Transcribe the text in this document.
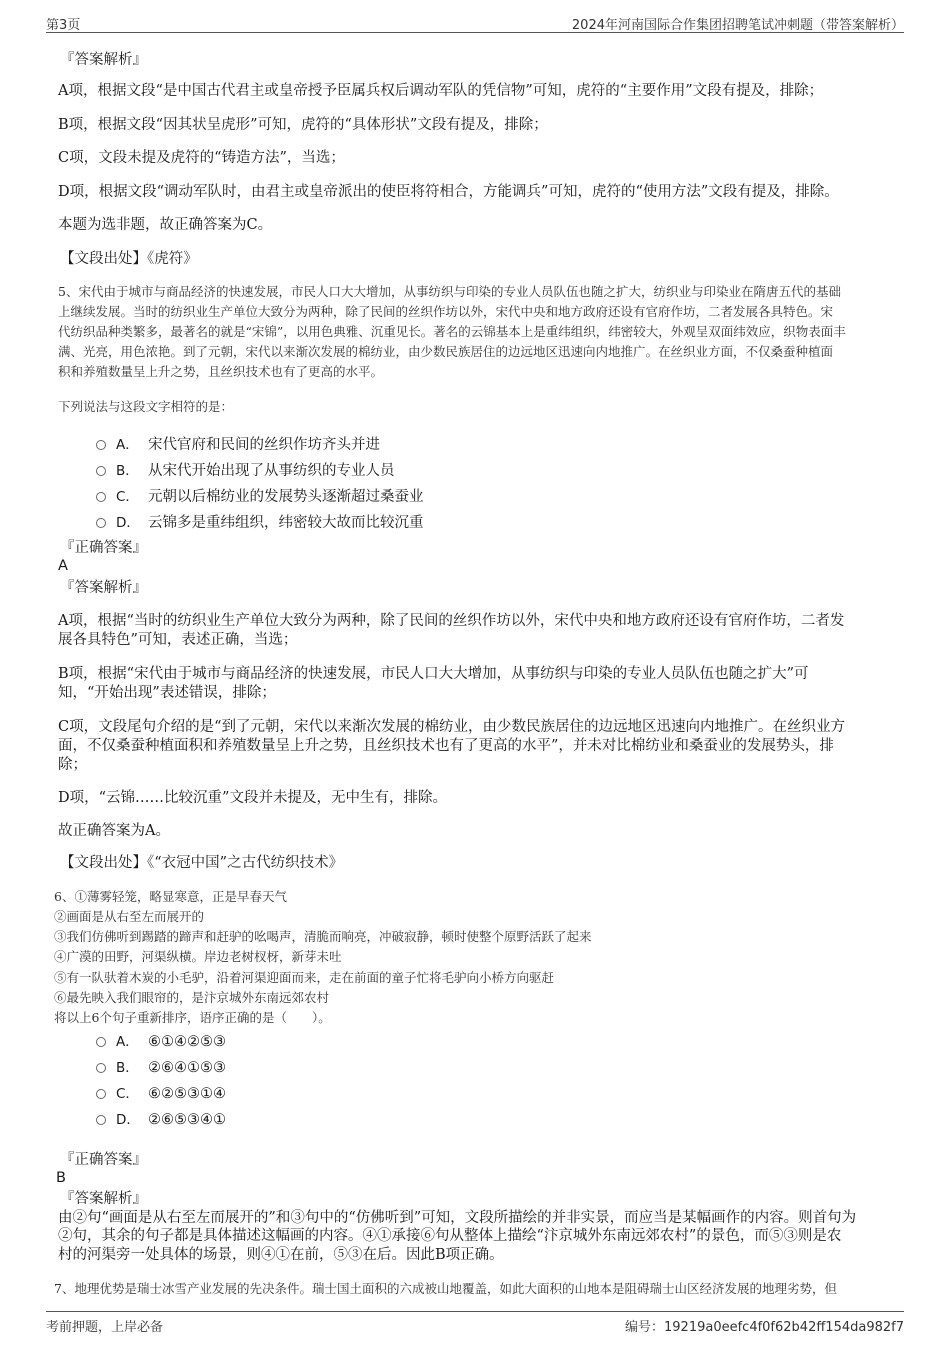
第3页	2024年河南国际合作集团招聘笔试冲刺题（带答案解析）
『答案解析』
A项，根据文段“是中国古代君主或皇帝授予臣属兵权后调动军队的凭信物”可知，虎符的“主要作用”文段有提及，排除；
B项，根据文段“因其状呈虎形”可知，虎符的“具体形状”文段有提及，排除；
C项，文段未提及虎符的“铸造方法”，当选；
D项，根据文段“调动军队时，由君主或皇帝派出的使臣将符相合，方能调兵”可知，虎符的“使用方法”文段有提及，排除。
本题为选非题，故正确答案为C。
【文段出处】《虎符》
5、宋代由于城市与商品经济的快速发展，市民人口大大增加，从事纺织与印染的专业人员队伍也随之扩大，纺织业与印染业在隋唐五代的基础
上继续发展。当时的纺织业生产单位大致分为两种，除了民间的丝织作坊以外，宋代中央和地方政府还设有官府作坊，二者发展各具特色。宋
代纺织品种类繁多，最著名的就是“宋锦”，以用色典雅、沉重见长。著名的云锦基本上是重纬组织，纬密较大，外观呈双面纬效应，织物表面丰
满、光亮，用色浓艳。到了元朝，宋代以来渐次发展的棉纺业，由少数民族居住的边远地区迅速向内地推广。在丝织业方面，不仅桑蚕种植面
积和养殖数量呈上升之势，且丝织技术也有了更高的水平。
下列说法与这段文字相符的是：
A． 宋代官府和民间的丝织作坊齐头并进
B． 从宋代开始出现了从事纺织的专业人员
C． 元朝以后棉纺业的发展势头逐渐超过桑蚕业
D． 云锦多是重纬组织，纬密较大故而比较沉重
『正确答案』
A
『答案解析』
A项，根据“当时的纺织业生产单位大致分为两种，除了民间的丝织作坊以外，宋代中央和地方政府还设有官府作坊，二者发
展各具特色”可知，表述正确，当选；
B项，根据“宋代由于城市与商品经济的快速发展，市民人口大大增加，从事纺织与印染的专业人员队伍也随之扩大”可
知，“开始出现”表述错误，排除；
C项，文段尾句介绍的是“到了元朝，宋代以来渐次发展的棉纺业，由少数民族居住的边远地区迅速向内地推广。在丝织业方
面，不仅桑蚕种植面积和养殖数量呈上升之势，且丝织技术也有了更高的水平”，并未对比棉纺业和桑蚕业的发展势头，排
除；
D项，“云锦……比较沉重”文段并未提及，无中生有，排除。
故正确答案为A。
【文段出处】《“衣冠中国”之古代纺织技术》
6、①薄雾轻笼，略显寒意，正是早春天气
②画面是从右至左而展开的
③我们仿佛听到踢踏的蹄声和赶驴的吆喝声，清脆而响亮，冲破寂静，顿时使整个原野活跃了起来
④广漠的田野，河渠纵横。岸边老树杈枒，新芽未吐
⑤有一队驮着木炭的小毛驴，沿着河渠迎面而来，走在前面的童子忙将毛驴向小桥方向驱赶
⑥最先映入我们眼帘的，是汴京城外东南远郊农村
将以上6个句子重新排序，语序正确的是（　　）。
A． ⑥①④②⑤③
B． ②⑥④①⑤③
C． ⑥②⑤③①④
D． ②⑥⑤③④①
『正确答案』
B
『答案解析』
由②句“画面是从右至左而展开的”和③句中的“仿佛听到”可知，文段所描绘的并非实景，而应当是某幅画作的内容。则首句为
②句，其余的句子都是具体描述这幅画的内容。④①承接⑥句从整体上描绘“汴京城外东南远郊农村”的景色，而⑤③则是农
村的河渠旁一处具体的场景，则④①在前，⑤③在后。因此B项正确。
7、地理优势是瑞士冰雪产业发展的先决条件。瑞士国土面积的六成被山地覆盖，如此大面积的山地本是阻碍瑞士山区经济发展的地理劣势，但
考前押题，上岸必备	编号：19219a0eefc4f0f62b42ff154da982f7
